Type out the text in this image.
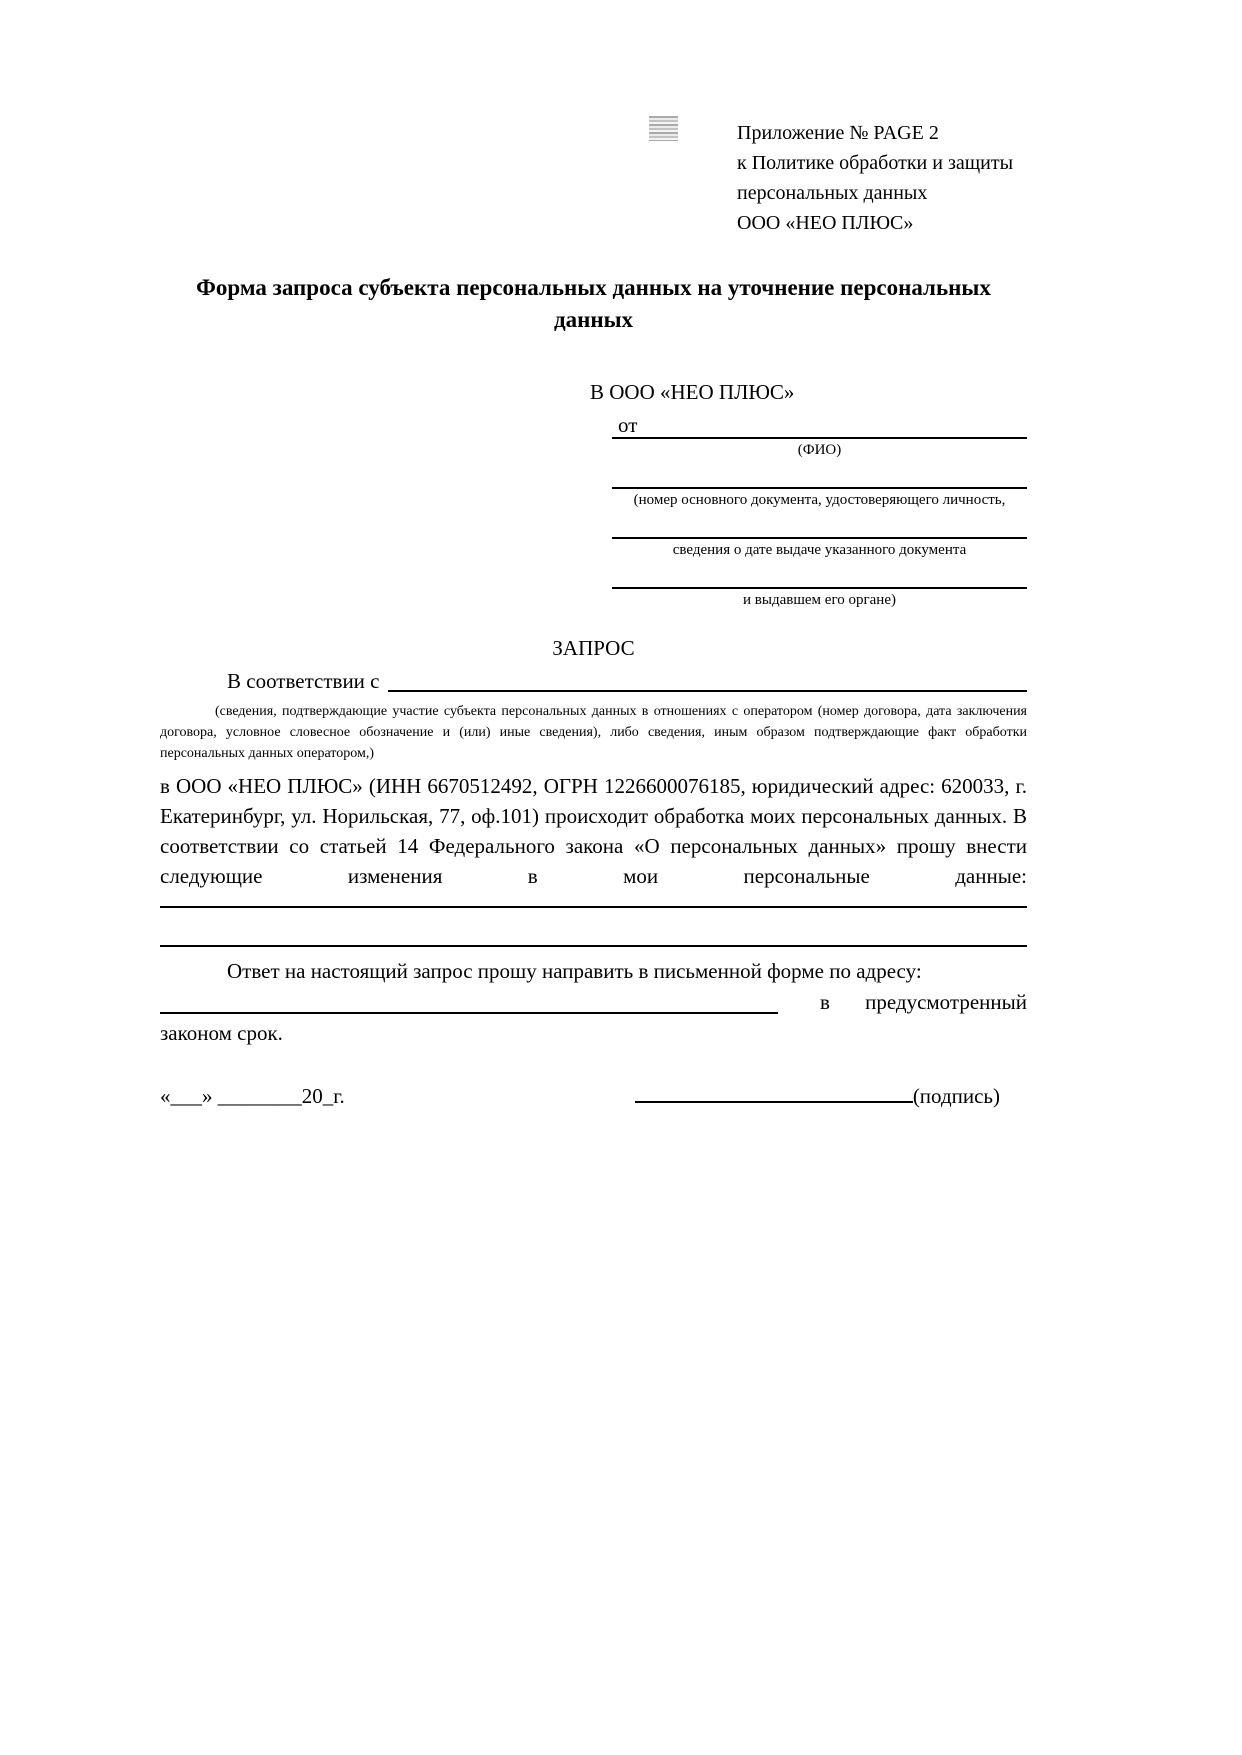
Приложение № PAGE 2
к Политике обработки и защиты
персональных данных
ООО «НЕО ПЛЮС»
Форма запроса субъекта персональных данных на уточнение персональных данных
В ООО «НЕО ПЛЮС»
от
(ФИО)
(номер основного документа, удостоверяющего личность,
сведения о дате выдаче указанного документа
и выдавшем его органе)
ЗАПРОС
В соответствии с

(сведения, подтверждающие участие субъекта персональных данных в отношениях с оператором (номер договора, дата заключения договора, условное словесное обозначение и (или) иные сведения), либо сведения, иным образом подтверждающие факт обработки персональных данных оператором,)

в ООО «НЕО ПЛЮС» (ИНН 6670512492, ОГРН 1226600076185, юридический адрес: 620033, г. Екатеринбург, ул. Норильская, 77, оф.101) происходит обработка моих персональных данных. В соответствии со статьей 14 Федерального закона «О персональных данных» прошу внести следующие изменения в мои персональные данные:

Ответ на настоящий запрос прошу направить в письменной форме по адресу:

в предусмотренный

законом срок.

«___» ________20_г.	(подпись)
